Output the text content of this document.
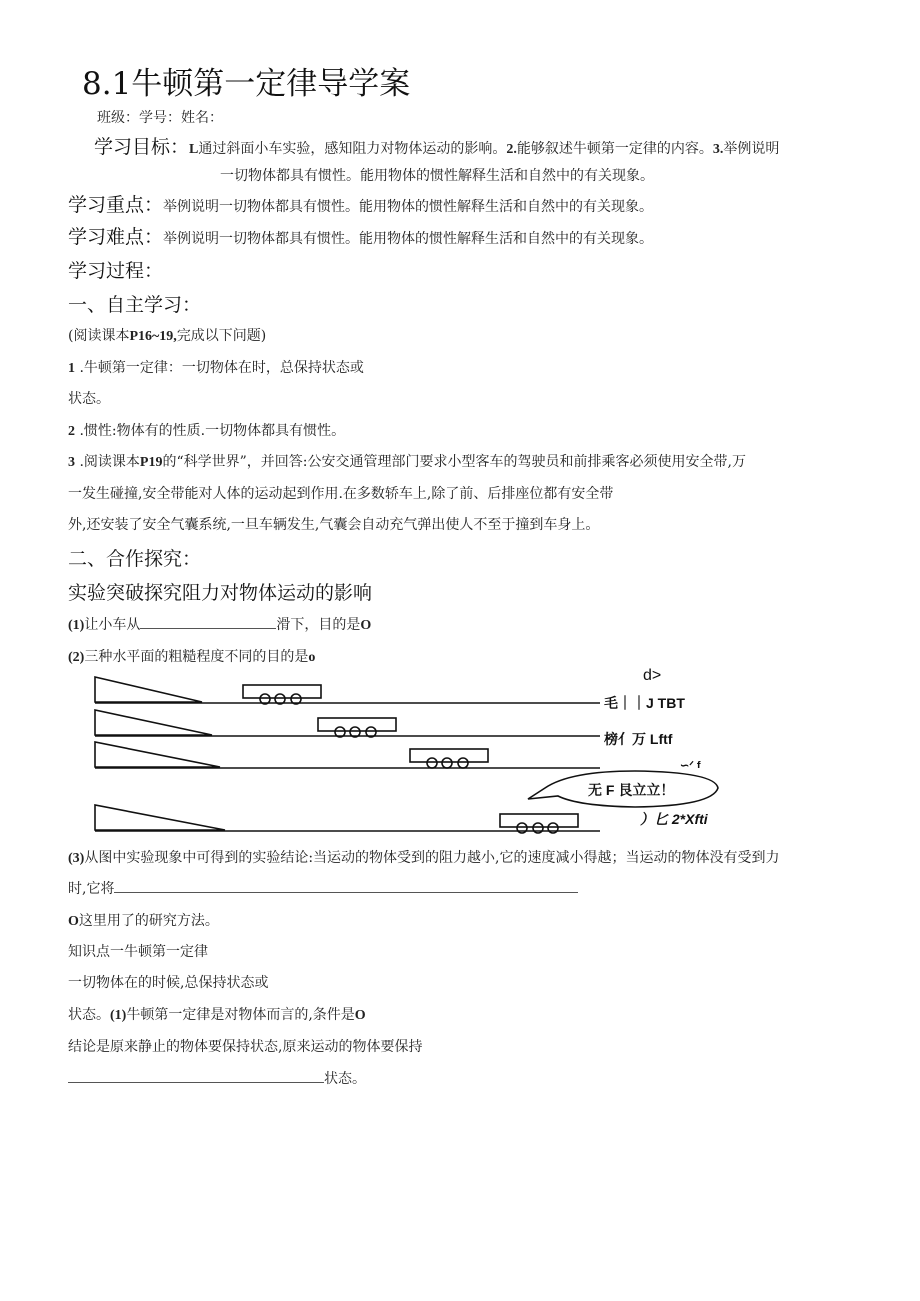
8.1牛顿第一定律导学案
班级：学号：姓名：
学习目标：L通过斜面小车实验，感知阻力对物体运动的影响。2.能够叙述牛顿第一定律的内容。3.举例说明
一切物体都具有惯性。能用物体的惯性解释生活和自然中的有关现象。
学习重点：举例说明一切物体都具有惯性。能用物体的惯性解释生活和自然中的有关现象。
学习难点：举例说明一切物体都具有惯性。能用物体的惯性解释生活和自然中的有关现象。
学习过程：
一、自主学习：
(阅读课本P16~19,完成以下问题)
1 .牛顿第一定律：一切物体在时，总保持状态或
状态。
2 .惯性:物体有的性质.一切物体都具有惯性。
3 .阅读课本P19的“科学世界”，并回答:公安交通管理部门要求小型客车的驾驶员和前排乘客必须使用安全带,万
一发生碰撞,安全带能对人体的运动起到作用.在多数轿车上,除了前、后排座位都有安全带
外,还安装了安全气囊系统,一旦车辆发生,气囊会自动充气弹出使人不至于撞到车身上。
二、合作探究：
实验突破探究阻力对物体运动的影响
(1)让小车从	滑下，目的是O
(2)三种水平面的粗糙程度不同的目的是o
d>
毛｜｜J TBT
榜亻万 Lftf
∽ᐟ f
无 F 艮立立！
）匕 2*Xfti
(3)从图中实验现象中可得到的实验结论:当运动的物体受到的阻力越小,它的速度减小得越；当运动的物体没有受到力
时,它将
O这里用了的研究方法。
知识点一牛顿第一定律
一切物体在的时候,总保持状态或
状态。(1)牛顿第一定律是对物体而言的,条件是O
结论是原来静止的物体要保持状态,原来运动的物体要保持
状态。
